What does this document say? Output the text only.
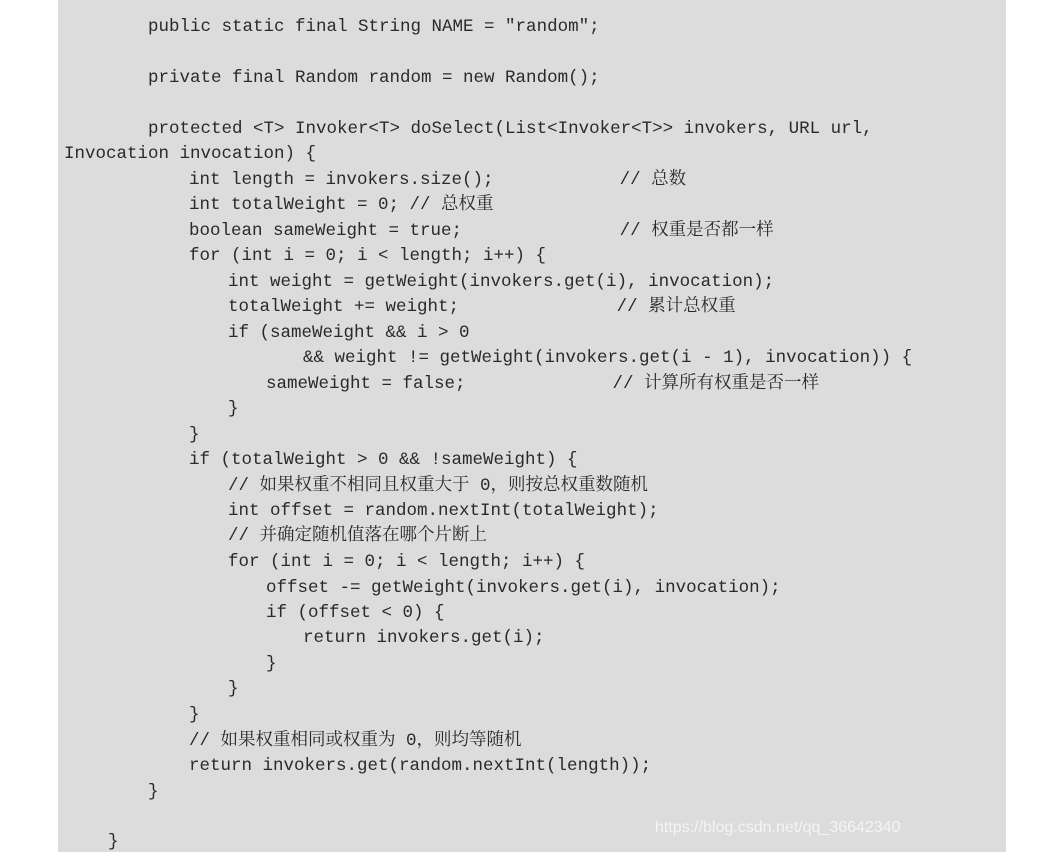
public static final String NAME = "random";
private final Random random = new Random();
protected <T> Invoker<T> doSelect(List<Invoker<T>> invokers, URL url,
Invocation invocation) {
int length = invokers.size();            // 总数
int totalWeight = 0; // 总权重
boolean sameWeight = true;               // 权重是否都一样
for (int i = 0; i < length; i++) {
int weight = getWeight(invokers.get(i), invocation);
totalWeight += weight;               // 累计总权重
if (sameWeight && i > 0
&& weight != getWeight(invokers.get(i - 1), invocation)) {
sameWeight = false;              // 计算所有权重是否一样
}
}
if (totalWeight > 0 && !sameWeight) {
// 如果权重不相同且权重大于 0，则按总权重数随机
int offset = random.nextInt(totalWeight);
// 并确定随机值落在哪个片断上
for (int i = 0; i < length; i++) {
offset -= getWeight(invokers.get(i), invocation);
if (offset < 0) {
return invokers.get(i);
}
}
}
// 如果权重相同或权重为 0，则均等随机
return invokers.get(random.nextInt(length));
}
}
https://blog.csdn.net/qq_36642340
